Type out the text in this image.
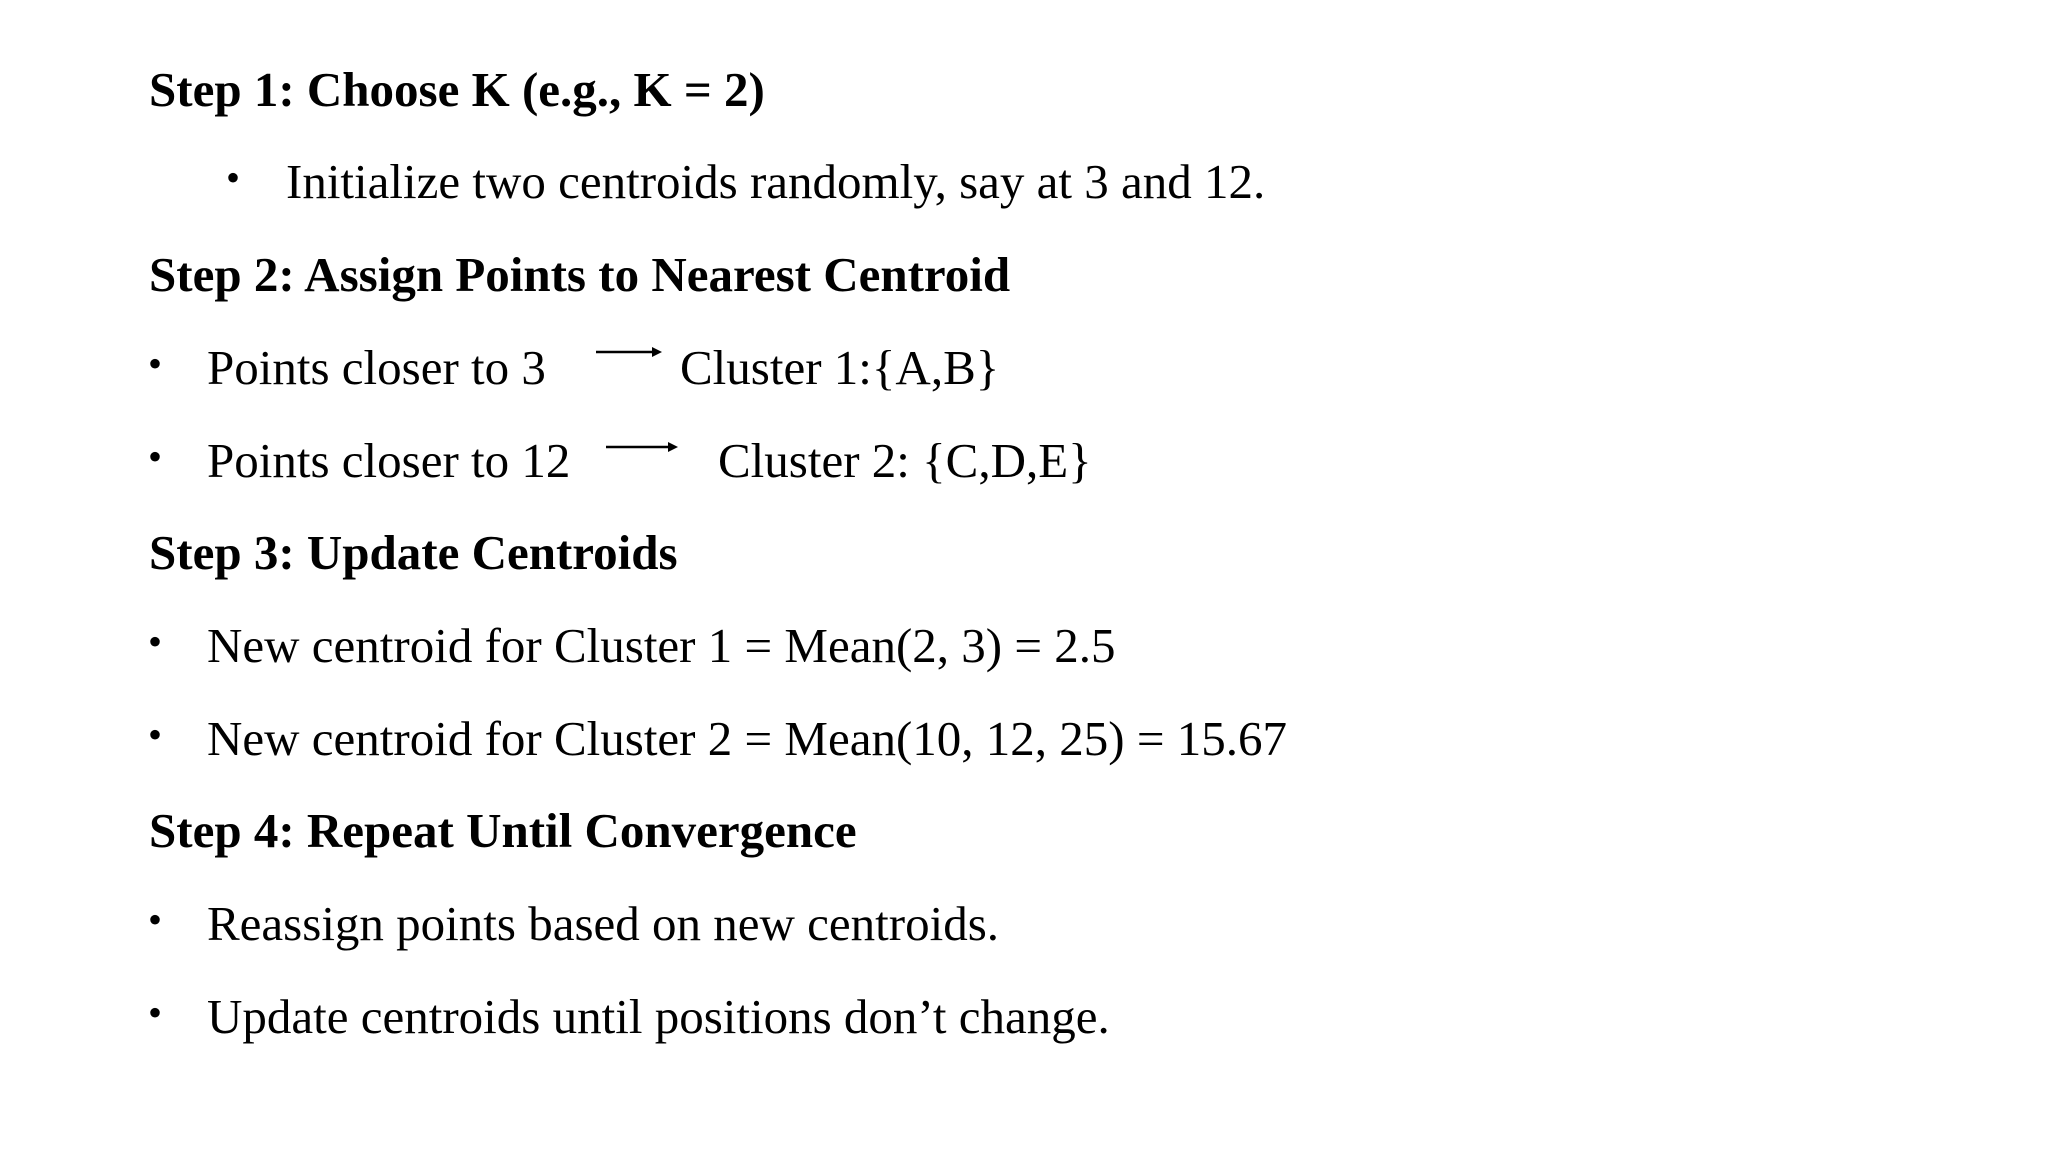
Step 1: Choose K (e.g., K = 2)
• Initialize two centroids randomly, say at 3 and 12.
Step 2: Assign Points to Nearest Centroid
• Points closer to 3	Cluster 1:{A,B}
• Points closer to 12	Cluster 2: {C,D,E}
Step 3: Update Centroids
• New centroid for Cluster 1 = Mean(2, 3) = 2.5
• New centroid for Cluster 2 = Mean(10, 12, 25) = 15.67
Step 4: Repeat Until Convergence
• Reassign points based on new centroids.
• Update centroids until positions don’t change.
